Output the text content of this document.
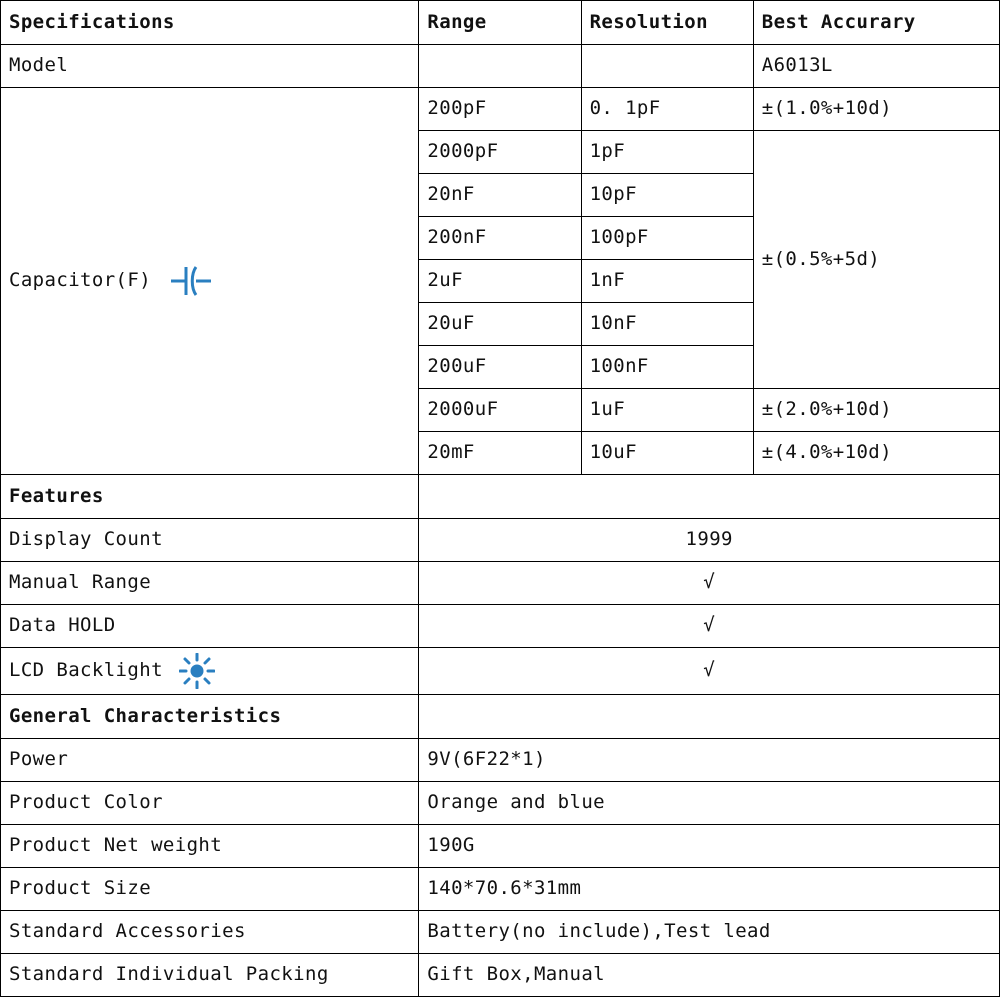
Specifications	Range	Resolution	Best Accurary
Model			A6013L

Capacitor(F)	200pF	0. 1pF	±(1.0%+10d)
	2000pF	1pF	±(0.5%+5d)
	20nF	10pF	
	200nF	100pF	
	2uF	1nF	
	20uF	10nF	
	200uF	100nF	
	2000uF	1uF	±(2.0%+10d)
	20mF	10uF	±(4.0%+10d)
Features			
Display Count	1999		
Manual Range	√		
Data HOLD	√		

LCD Backlight	√		
General Characteristics			
Power	9V(6F22*1)		
Product Color	Orange and blue		
Product Net weight	190G		
Product Size	140*70.6*31mm		
Standard Accessories	Battery(no include),Test lead		
Standard Individual Packing	Gift Box,Manual		
